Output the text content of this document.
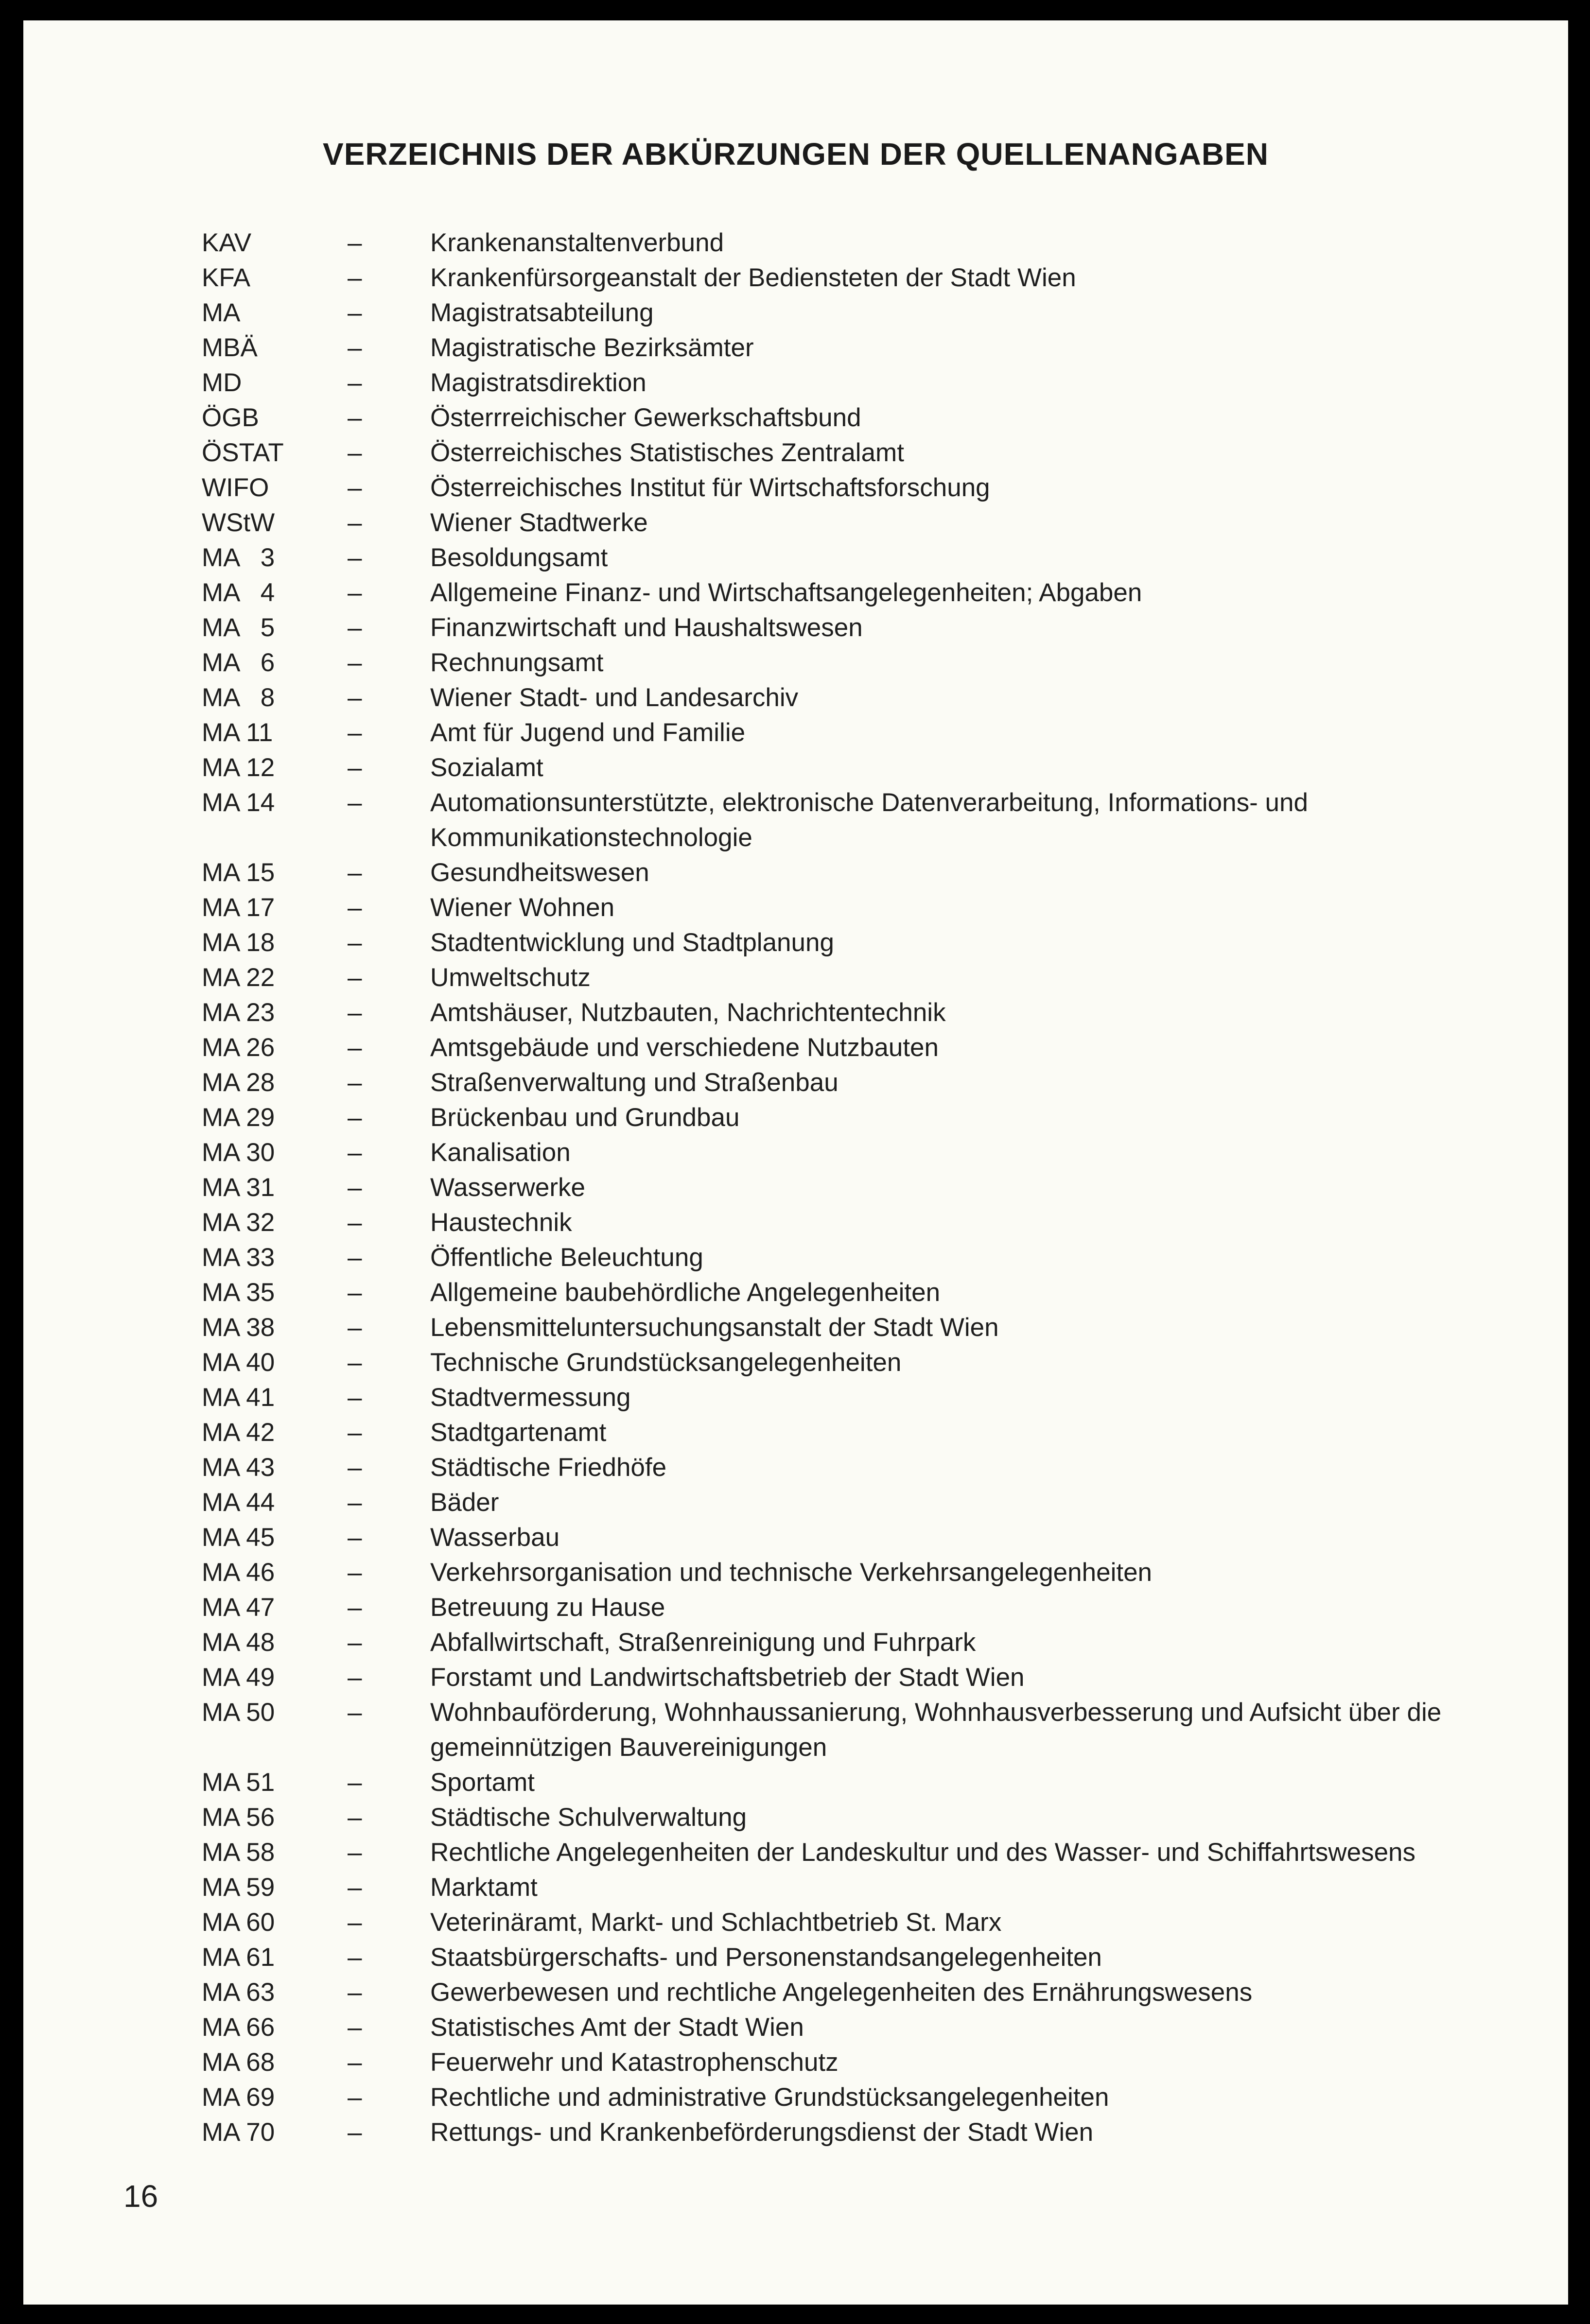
VERZEICHNIS DER ABKÜRZUNGEN DER QUELLENANGABEN
KAV	–	Krankenanstaltenverbund
KFA	–	Krankenfürsorgeanstalt der Bediensteten der Stadt Wien
MA	–	Magistratsabteilung
MBÄ	–	Magistratische Bezirksämter
MD	–	Magistratsdirektion
ÖGB	–	Österrreichischer Gewerkschaftsbund
ÖSTAT	–	Österreichisches Statistisches Zentralamt
WIFO	–	Österreichisches Institut für Wirtschaftsforschung
WStW	–	Wiener Stadtwerke
MA   3	–	Besoldungsamt
MA   4	–	Allgemeine Finanz- und Wirtschaftsangelegenheiten; Abgaben
MA   5	–	Finanzwirtschaft und Haushaltswesen
MA   6	–	Rechnungsamt
MA   8	–	Wiener Stadt- und Landesarchiv
MA 11	–	Amt für Jugend und Familie
MA 12	–	Sozialamt
MA 14	–	Automationsunterstützte, elektronische Datenverarbeitung, Informations- und Kommunikationstechnologie
MA 15	–	Gesundheitswesen
MA 17	–	Wiener Wohnen
MA 18	–	Stadtentwicklung und Stadtplanung
MA 22	–	Umweltschutz
MA 23	–	Amtshäuser, Nutzbauten, Nachrichtentechnik
MA 26	–	Amtsgebäude und verschiedene Nutzbauten
MA 28	–	Straßenverwaltung und Straßenbau
MA 29	–	Brückenbau und Grundbau
MA 30	–	Kanalisation
MA 31	–	Wasserwerke
MA 32	–	Haustechnik
MA 33	–	Öffentliche Beleuchtung
MA 35	–	Allgemeine baubehördliche Angelegenheiten
MA 38	–	Lebensmitteluntersuchungsanstalt der Stadt Wien
MA 40	–	Technische Grundstücksangelegenheiten
MA 41	–	Stadtvermessung
MA 42	–	Stadtgartenamt
MA 43	–	Städtische Friedhöfe
MA 44	–	Bäder
MA 45	–	Wasserbau
MA 46	–	Verkehrsorganisation und technische Verkehrsangelegenheiten
MA 47	–	Betreuung zu Hause
MA 48	–	Abfallwirtschaft, Straßenreinigung und Fuhrpark
MA 49	–	Forstamt und Landwirtschaftsbetrieb der Stadt Wien
MA 50	–	Wohnbauförderung, Wohnhaussanierung, Wohnhausverbesserung und Aufsicht über die gemeinnützigen Bauvereinigungen
MA 51	–	Sportamt
MA 56	–	Städtische Schulverwaltung
MA 58	–	Rechtliche Angelegenheiten der Landeskultur und des Wasser- und Schiffahrtswesens
MA 59	–	Marktamt
MA 60	–	Veterinäramt, Markt- und Schlachtbetrieb St. Marx
MA 61	–	Staatsbürgerschafts- und Personenstandsangelegenheiten
MA 63	–	Gewerbewesen und rechtliche Angelegenheiten des Ernährungswesens
MA 66	–	Statistisches Amt der Stadt Wien
MA 68	–	Feuerwehr und Katastrophenschutz
MA 69	–	Rechtliche und administrative Grundstücksangelegenheiten
MA 70	–	Rettungs- und Krankenbeförderungsdienst der Stadt Wien

16
